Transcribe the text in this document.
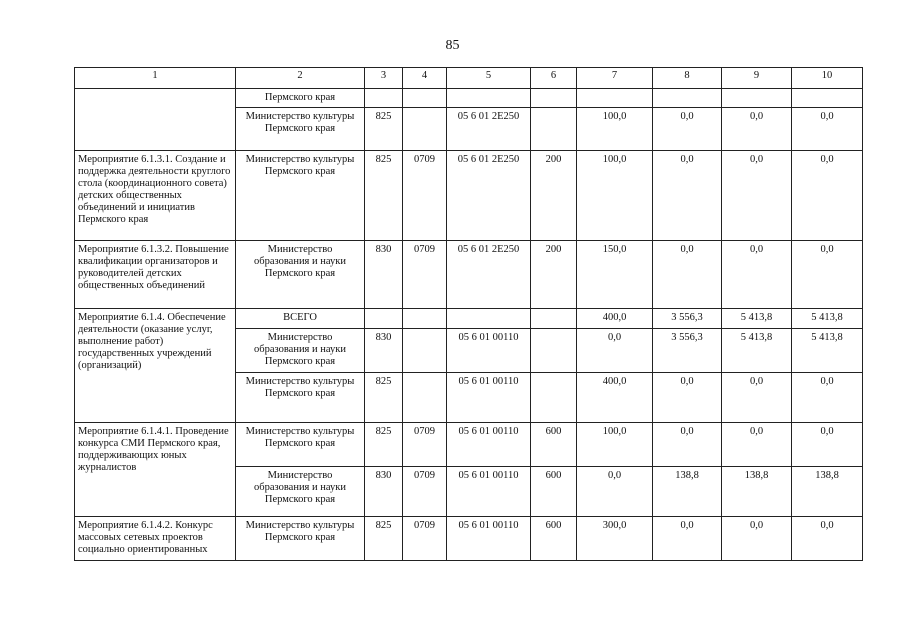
85
1	2	3	4	5	6	7	8	9	10
	Пермского края								
	Министерство культуры Пермского края	825		05 6 01 2Е250		100,0	0,0	0,0	0,0
Мероприятие 6.1.3.1. Создание и поддержка деятельности круглого стола (координационного совета) детских общественных объединений и инициатив Пермского края	Министерство культуры Пермского края	825	0709	05 6 01 2Е250	200	100,0	0,0	0,0	0,0
Мероприятие 6.1.3.2. Повышение квалификации организаторов и руководителей детских общественных объединений	Министерство образования и науки Пермского края	830	0709	05 6 01 2Е250	200	150,0	0,0	0,0	0,0
Мероприятие 6.1.4. Обеспечение деятельности (оказание услуг, выполнение работ) государственных учреждений (организаций)	ВСЕГО					400,0	3 556,3	5 413,8	5 413,8
	Министерство образования и науки Пермского края	830		05 6 01 00110		0,0	3 556,3	5 413,8	5 413,8
	Министерство культуры Пермского края	825		05 6 01 00110		400,0	0,0	0,0	0,0
Мероприятие 6.1.4.1. Проведение конкурса СМИ Пермского края, поддерживающих юных журналистов	Министерство культуры Пермского края	825	0709	05 6 01 00110	600	100,0	0,0	0,0	0,0
	Министерство образования и науки Пермского края	830	0709	05 6 01 00110	600	0,0	138,8	138,8	138,8
Мероприятие 6.1.4.2. Конкурс массовых сетевых проектов социально ориентированных	Министерство культуры Пермского края	825	0709	05 6 01 00110	600	300,0	0,0	0,0	0,0
